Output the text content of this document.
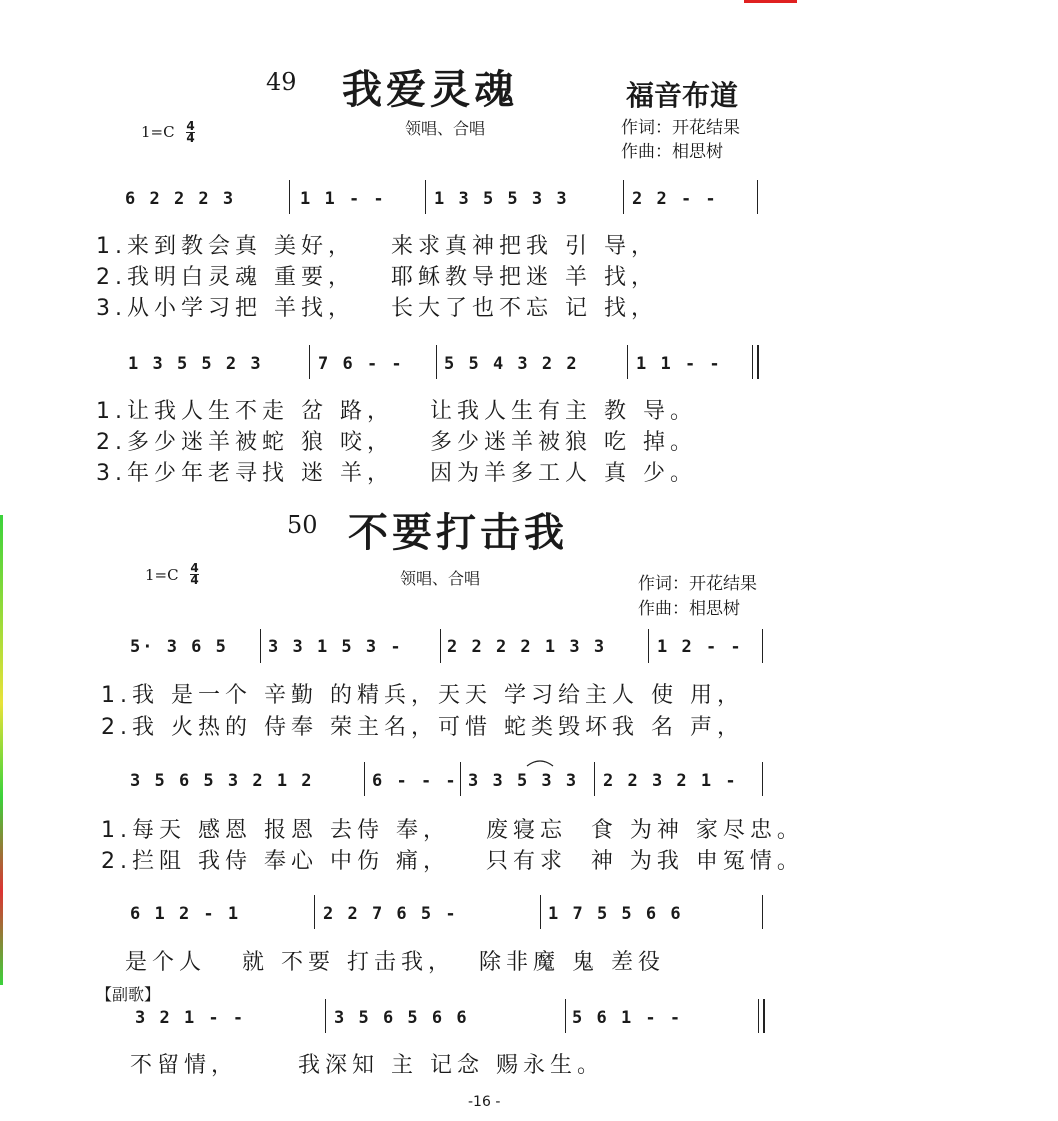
49 我爱灵魂	福音布道
1=C 4
4	领唱、合唱	作词：开花结果
作曲：相思树
6 2 2 2 3	1 1 - -	1 3 5 5 3 3	2 2 - -
1.来到教会真 美好，   来求真神把我 引 导，
2.我明白灵魂 重要，   耶稣教导把迷 羊 找，
3.从小学习把 羊找，   长大了也不忘 记 找，
1 3 5 5 2 3	7 6 - - 5 5 4 3 2 2	1 1 - -
1.让我人生不走 岔 路，   让我人生有主 教 导。
2.多少迷羊被蛇 狼 咬，   多少迷羊被狼 吃 掉。
3.年少年老寻找 迷 羊，   因为羊多工人 真 少。
50 不要打击我
1=C 4
4	领唱、合唱	作词：开花结果
作曲：相思树
5· 3 6 5 3 3 1 5 3 -	2 2 2 2 1 3 3	1 2 - -
1.我 是一个 辛勤 的精兵，天天 学习给主人 使 用，
2.我 火热的 侍奉 荣主名，可惜 蛇类毁坏我 名 声，
3 5 6 5 3 2 1 2	6 - - - 3 3 5 3 3 2 2 3 2 1 -
1.每天 感恩 报恩 去侍 奉，   废寝忘  食 为神 家尽忠。
2.拦阻 我侍 奉心 中伤 痛，   只有求  神 为我 申冤情。
6 1 2 - 1	2 2 7 6 5 -	1 7 5 5 6 6
是个人   就 不要 打击我，  除非魔 鬼 差役
【副歌】
3 2 1 - -	3 5 6 5 6 6	5 6 1 - -
不留情，     我深知 主 记念 赐永生。
-16 -
